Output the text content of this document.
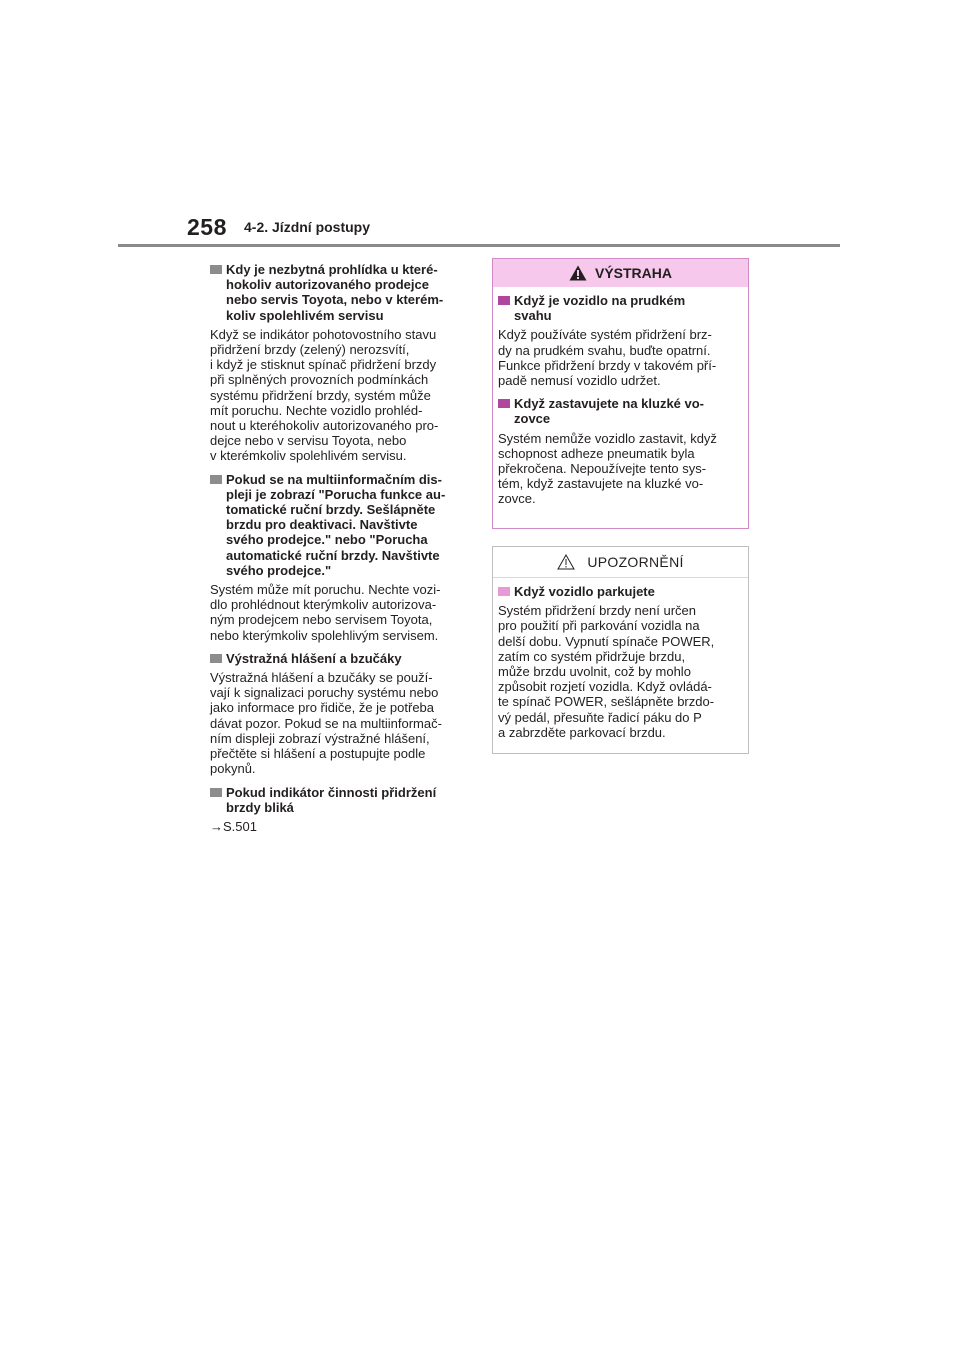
258 4-2. Jízdní postupy
Kdy je nezbytná prohlídka u které-
hokoliv autorizovaného prodejce
nebo servis Toyota, nebo v kterém-
koliv spolehlivém servisu
Když se indikátor pohotovostního stavu
přidržení brzdy (zelený) nerozsvítí,
i když je stisknut spínač přidržení brzdy
při splněných provozních podmínkách
systému přidržení brzdy, systém může
mít poruchu. Nechte vozidlo prohléd-
nout u kteréhokoliv autorizovaného pro-
dejce nebo v servisu Toyota, nebo
v kterémkoliv spolehlivém servisu.
Pokud se na multiinformačním dis-
pleji je zobrazí "Porucha funkce au-
tomatické ruční brzdy. Sešlápněte
brzdu pro deaktivaci. Navštivte
svého prodejce." nebo "Porucha
automatické ruční brzdy. Navštivte
svého prodejce."
Systém může mít poruchu. Nechte vozi-
dlo prohlédnout kterýmkoliv autorizova-
ným prodejcem nebo servisem Toyota,
nebo kterýmkoliv spolehlivým servisem.
Výstražná hlášení a bzučáky
Výstražná hlášení a bzučáky se použí-
vají k signalizaci poruchy systému nebo
jako informace pro řidiče, že je potřeba
dávat pozor. Pokud se na multiinformač-
ním displeji zobrazí výstražné hlášení,
přečtěte si hlášení a postupujte podle
pokynů.
Pokud indikátor činnosti přidržení
brzdy bliká
→S.501
VÝSTRAHA
Když je vozidlo na prudkém
svahu
Když používáte systém přidržení brz-
dy na prudkém svahu, buďte opatrní.
Funkce přidržení brzdy v takovém pří-
padě nemusí vozidlo udržet.
Když zastavujete na kluzké vo-
zovce
Systém nemůže vozidlo zastavit, když
schopnost adheze pneumatik byla
překročena. Nepoužívejte tento sys-
tém, když zastavujete na kluzké vo-
zovce.
UPOZORNĚNÍ
Když vozidlo parkujete
Systém přidržení brzdy není určen
pro použití při parkování vozidla na
delší dobu. Vypnutí spínače POWER,
zatím co systém přidržuje brzdu,
může brzdu uvolnit, což by mohlo
způsobit rozjetí vozidla. Když ovládá-
te spínač POWER, sešlápněte brzdo-
vý pedál, přesuňte řadicí páku do P
a zabrzděte parkovací brzdu.
